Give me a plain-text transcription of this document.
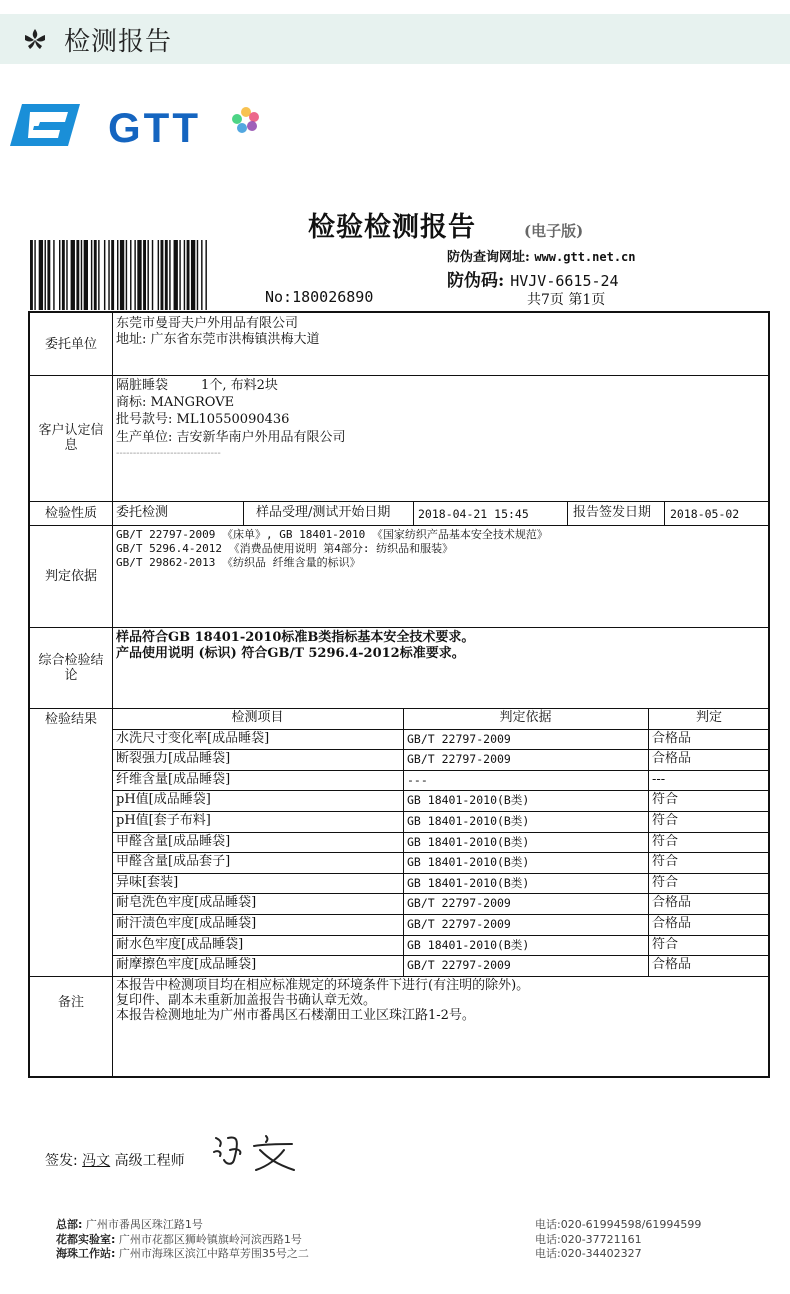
检测报告
GTT
检验检测报告	(电子版)
No:180026890
防伪查询网址: www.gtt.net.cn
防伪码: HVJV-6615-24
共7页 第1页
委托单位
东莞市曼哥夫户外用品有限公司
地址: 广东省东莞市洪梅镇洪梅大道
客户认定信息
隔脏睡袋        1个, 布料2块
商标: MANGROVE
批号款号: ML10550090436
生产单位: 吉安新华南户外用品有限公司
-------------------------------
检验性质	委托检测	样品受理/测试开始日期 2018-04-21 15:45	报告签发日期 2018-05-02
判定依据
GB/T 22797-2009 《床单》, GB 18401-2010 《国家纺织产品基本安全技术规范》
GB/T 5296.4-2012 《消费品使用说明 第4部分: 纺织品和服装》
GB/T 29862-2013 《纺织品 纤维含量的标识》
综合检验结论
样品符合GB 18401-2010标准B类指标基本安全技术要求。
产品使用说明 (标识) 符合GB/T 5296.4-2012标准要求。
检验结果	检测项目	判定依据	判定
水洗尺寸变化率[成品睡袋]	GB/T 22797-2009	合格品
断裂强力[成品睡袋]	GB/T 22797-2009	合格品
纤维含量[成品睡袋]	---	---
pH值[成品睡袋]	GB 18401-2010(B类)	符合
pH值[套子布料]	GB 18401-2010(B类)	符合
甲醛含量[成品睡袋]	GB 18401-2010(B类)	符合
甲醛含量[成品套子]	GB 18401-2010(B类)	符合
异味[套装]	GB 18401-2010(B类)	符合
耐皂洗色牢度[成品睡袋]	GB/T 22797-2009	合格品
耐汗渍色牢度[成品睡袋]	GB/T 22797-2009	合格品
耐水色牢度[成品睡袋]	GB 18401-2010(B类)	符合
耐摩擦色牢度[成品睡袋]	GB/T 22797-2009	合格品
备注
本报告中检测项目均在相应标准规定的环境条件下进行(有注明的除外)。
复印件、副本未重新加盖报告书确认章无效。
本报告检测地址为广州市番禺区石楼潮田工业区珠江路1-2号。
签发: 冯文 高级工程师
总部: 广州市番禺区珠江路1号
花都实验室: 广州市花都区狮岭镇旗岭河滨西路1号
海珠工作站: 广州市海珠区滨江中路草芳围35号之二
电话:020-61994598/61994599
电话:020-37721161
电话:020-34402327
